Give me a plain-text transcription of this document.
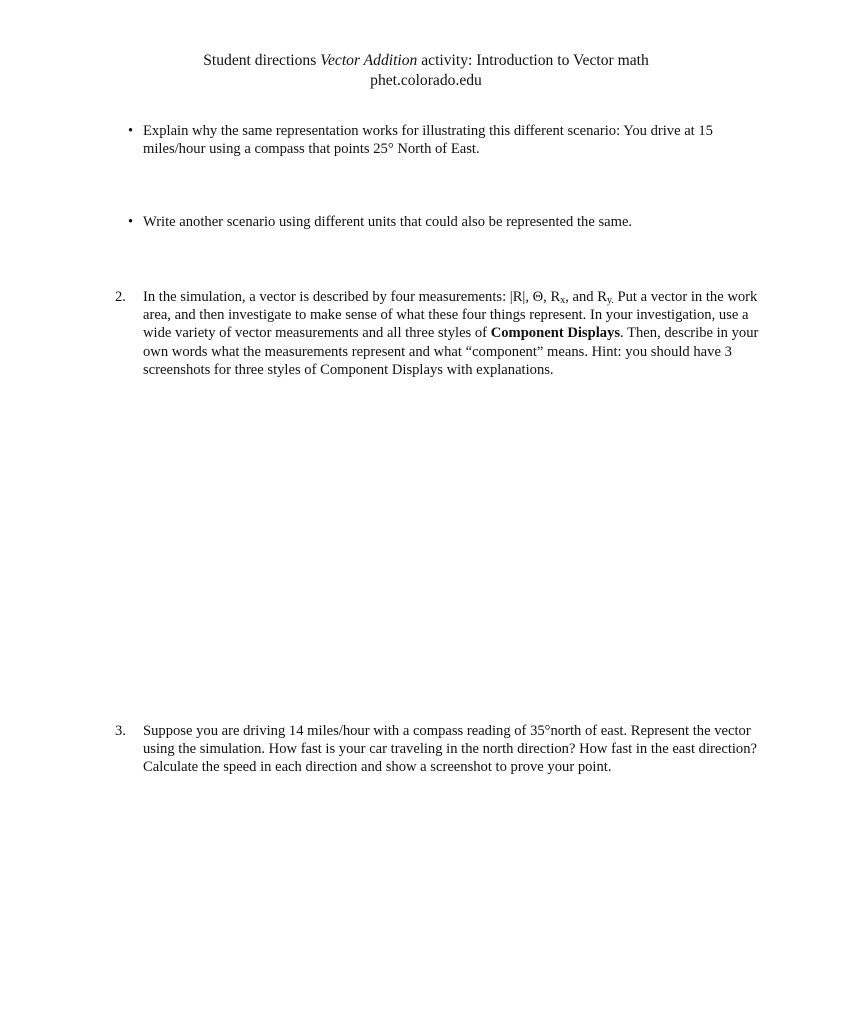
Student directions Vector Addition activity: Introduction to Vector math
phet.colorado.edu
• Explain why the same representation works for illustrating this different scenario: You drive at 15 miles/hour using a compass that points 25° North of East.
• Write another scenario using different units that could also be represented the same.
2. In the simulation, a vector is described by four measurements: |R|, Θ, $R_x$, and $R_{y.}$ Put a vector in the work area, and then investigate to make sense of what these four things represent. In your investigation, use a wide variety of vector measurements and all three styles of Component Displays. Then, describe in your own words what the measurements represent and what “component” means. Hint: you should have 3 screenshots for three styles of Component Displays with explanations.
3. Suppose you are driving 14 miles/hour with a compass reading of 35°north of east. Represent the vector using the simulation. How fast is your car traveling in the north direction? How fast in the east direction? Calculate the speed in each direction and show a screenshot to prove your point.
